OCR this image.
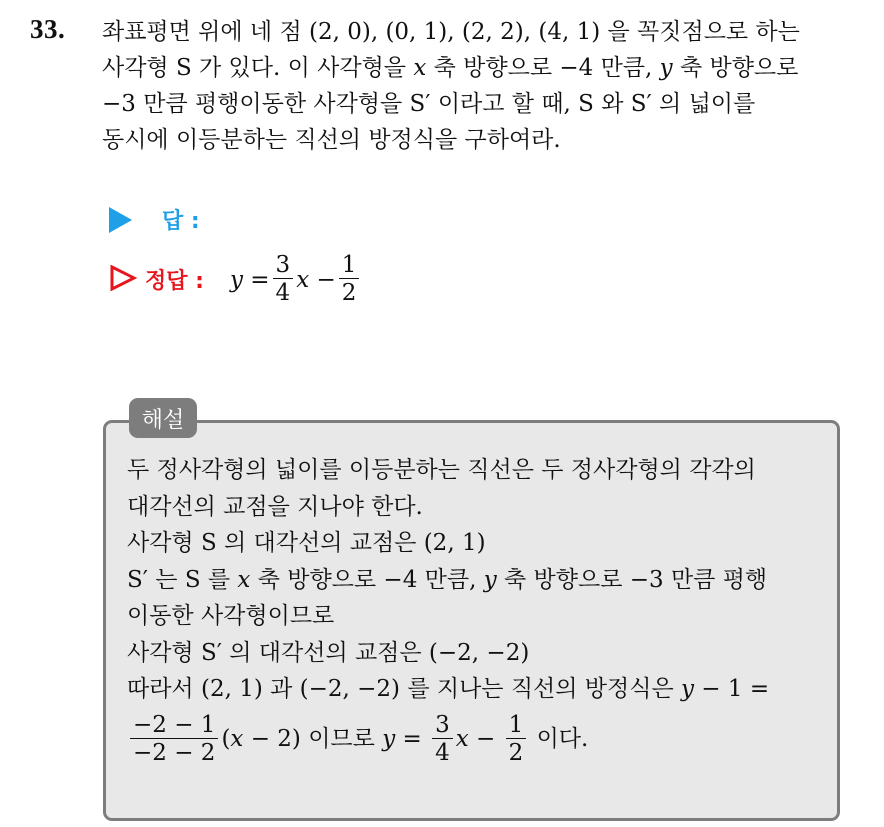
33. 좌표평면 위에 네 점 (2, 0), (0, 1), (2, 2), (4, 1) 을 꼭짓점으로 하는
사각형 S 가 있다. 이 사각형을 x 축 방향으로 −4 만큼, y 축 방향으로
−3 만큼 평행이동한 사각형을 S′ 이라고 할 때, S 와 S′ 의 넓이를
동시에 이등분하는 직선의 방정식을 구하여라.
답 :
정답 : $y = \frac{3}{4}$ $x - \frac{1}{2}$
해설
두 정사각형의 넓이를 이등분하는 직선은 두 정사각형의 각각의
대각선의 교점을 지나야 한다.
사각형 S 의 대각선의 교점은 (2, 1)
S′ 는 S 를 x 축 방향으로 −4 만큼, y 축 방향으로 −3 만큼 평행
이동한 사각형이므로
사각형 S′ 의 대각선의 교점은 (−2, −2)
따라서 (2, 1) 과 (−2, −2) 를 지나는 직선의 방정식은 y − 1 =
$\frac{-2 - 1}{-2 - 2}$ ( x − 2) 이므로 $y = \frac{3}{4}$ $x - \frac{1}{2}$ 이다.
